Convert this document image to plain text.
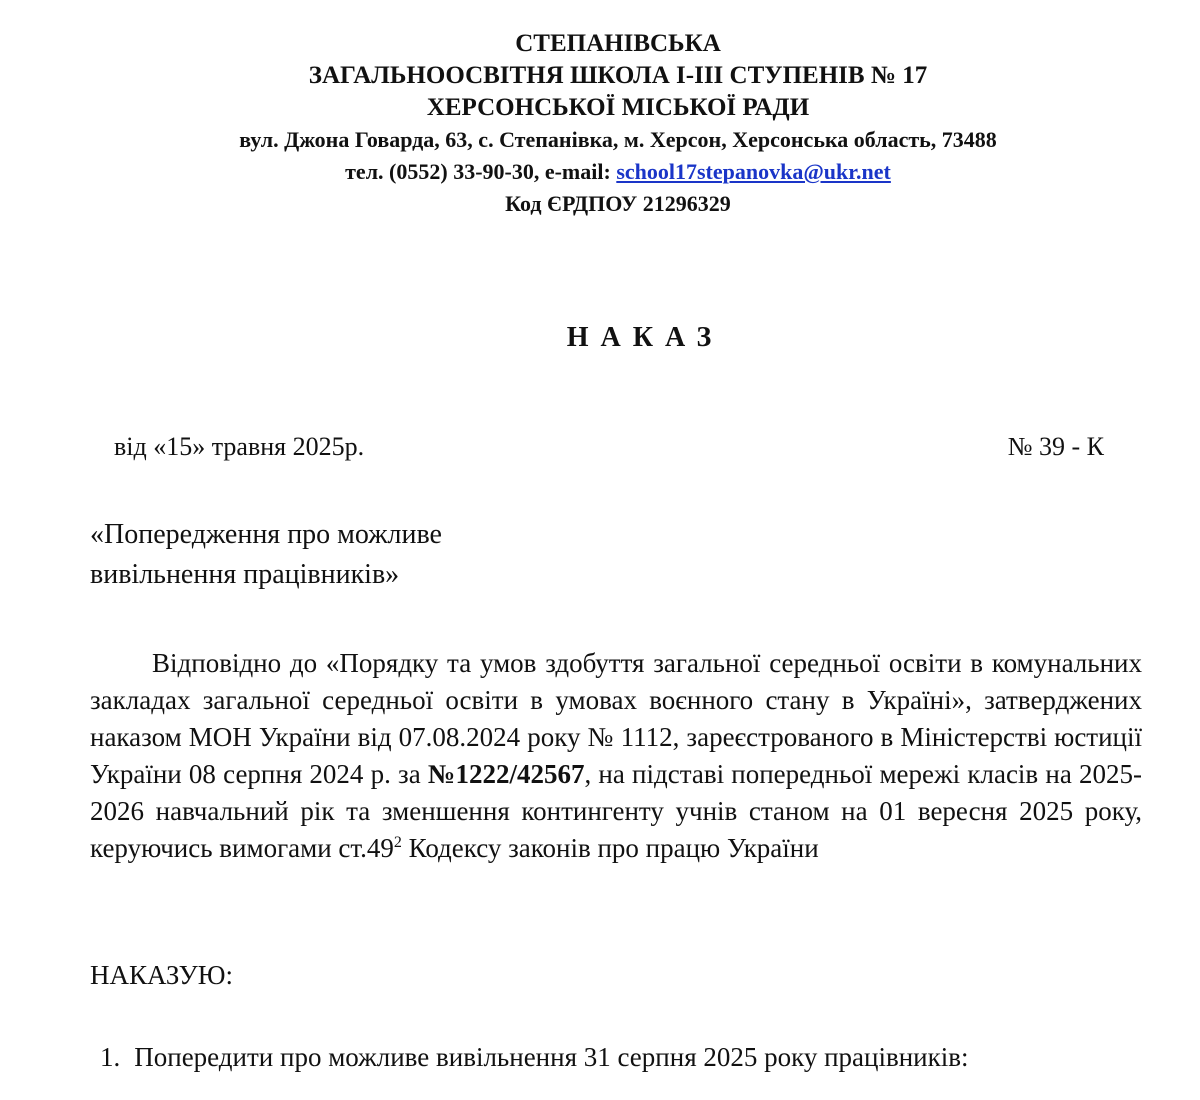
СТЕПАНІВСЬКА
ЗАГАЛЬНООСВІТНЯ ШКОЛА І-ІІІ СТУПЕНІВ № 17
ХЕРСОНСЬКОЇ МІСЬКОЇ РАДИ
вул. Джона Говарда, 63, с. Степанівка, м. Херсон, Херсонська область, 73488
тел. (0552) 33-90-30, e-mail: school17stepanovka@ukr.net
Код ЄРДПОУ 21296329
НАКАЗ
від «15» травня 2025р.	№ 39 - К
«Попередження про можливе
вивільнення працівників»
Відповідно до «Порядку та умов здобуття загальної середньої освіти в комунальних закладах загальної середньої освіти в умовах воєнного стану в Україні», затверджених наказом МОН України від 07.08.2024 року № 1112, зареєстрованого в Міністерстві юстиції України 08 серпня 2024 р. за №1222/42567, на підставі попередньої мережі класів на 2025-2026 навчальний рік та зменшення контингенту учнів станом на 01 вересня 2025 року, керуючись вимогами $ст.49^2$ Кодексу законів про працю України
НАКАЗУЮ:
1. Попередити про можливе вивільнення 31 серпня 2025 року працівників:
